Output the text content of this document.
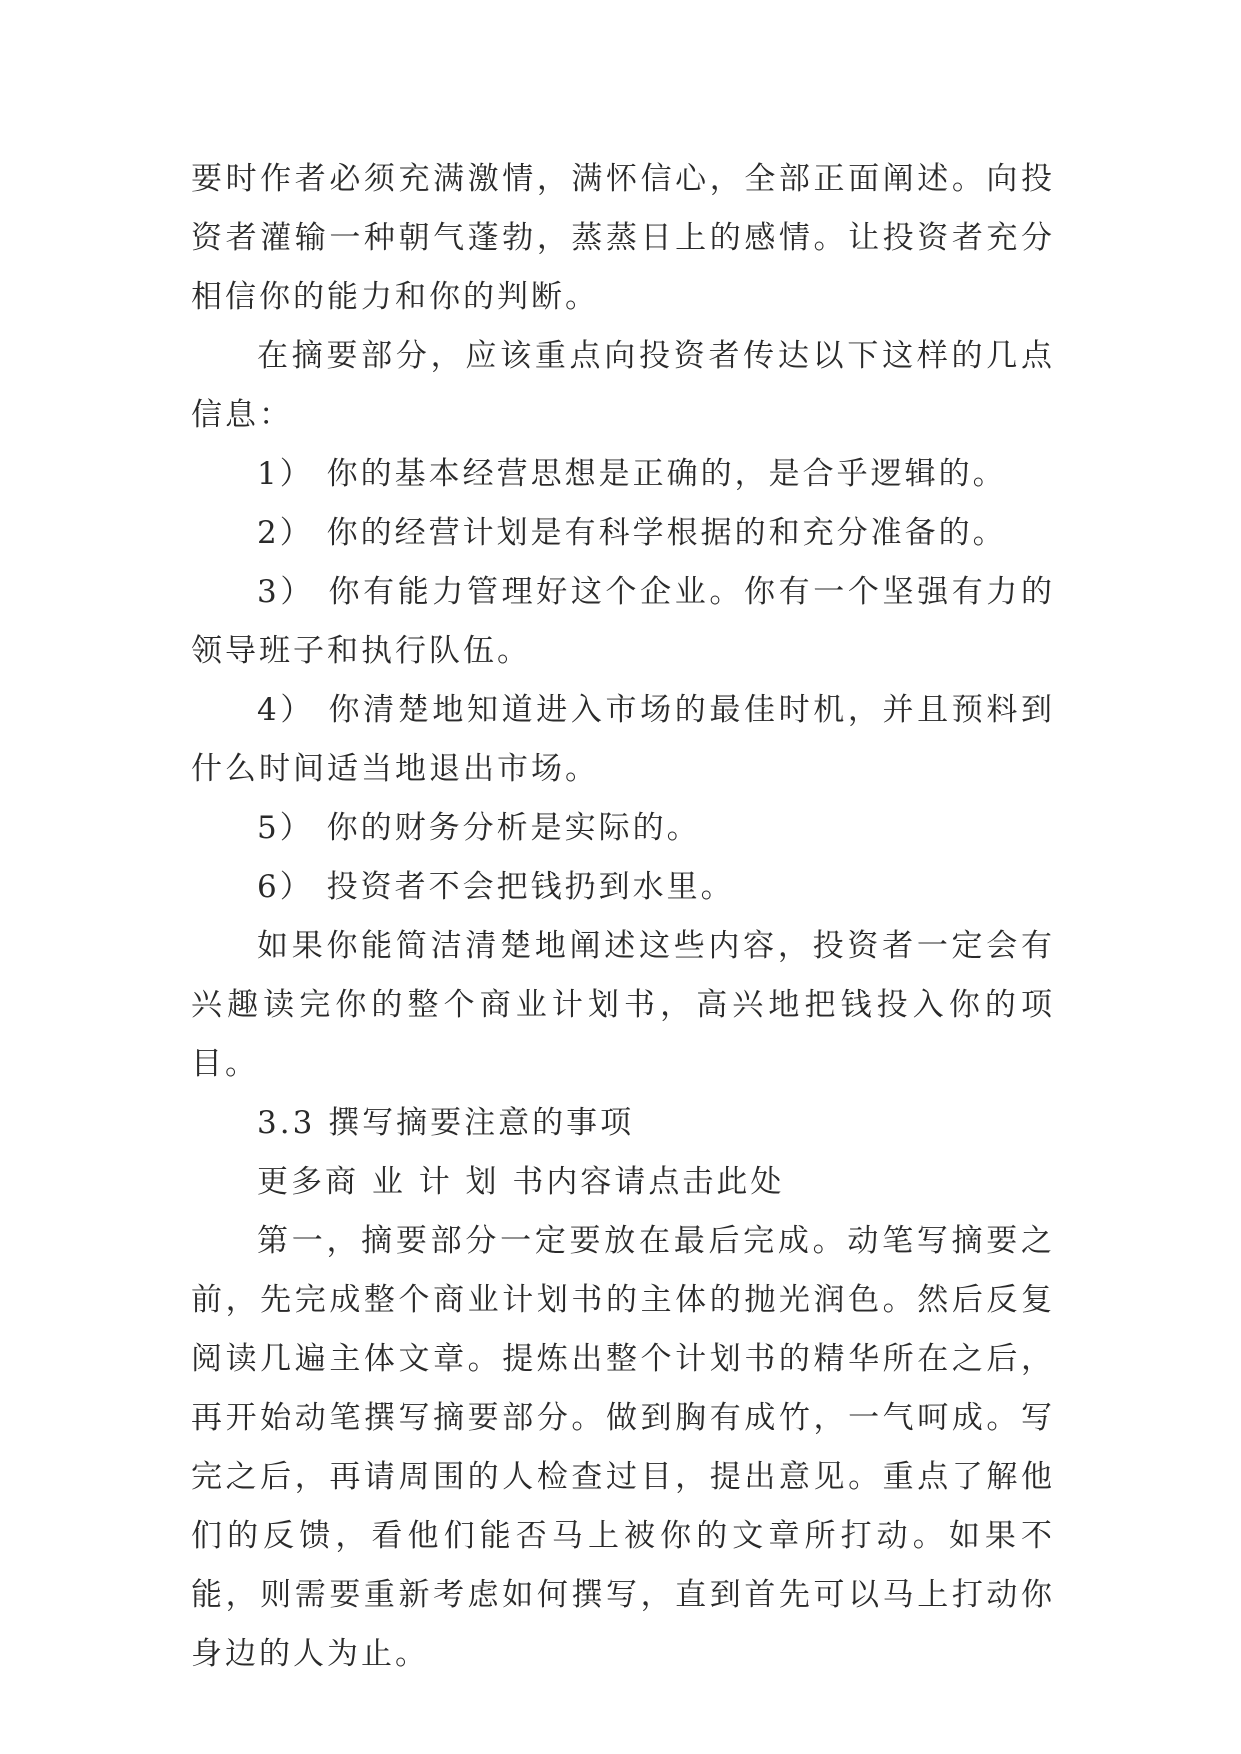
要时作者必须充满激情，满怀信心，全部正面阐述。向投资者灌输一种朝气蓬勃，蒸蒸日上的感情。让投资者充分相信你的能力和你的判断。

在摘要部分，应该重点向投资者传达以下这样的几点信息：

1） 你的基本经营思想是正确的，是合乎逻辑的。

2） 你的经营计划是有科学根据的和充分准备的。

3） 你有能力管理好这个企业。你有一个坚强有力的领导班子和执行队伍。

4） 你清楚地知道进入市场的最佳时机，并且预料到什么时间适当地退出市场。

5） 你的财务分析是实际的。

6） 投资者不会把钱扔到水里。

如果你能简洁清楚地阐述这些内容，投资者一定会有兴趣读完你的整个商业计划书，高兴地把钱投入你的项目。

3.3 撰写摘要注意的事项

更多商 业 计 划 书内容请点击此处

第一，摘要部分一定要放在最后完成。动笔写摘要之前，先完成整个商业计划书的主体的抛光润色。然后反复阅读几遍主体文章。提炼出整个计划书的精华所在之后，再开始动笔撰写摘要部分。做到胸有成竹，一气呵成。写完之后，再请周围的人检查过目，提出意见。重点了解他们的反馈，看他们能否马上被你的文章所打动。如果不能，则需要重新考虑如何撰写，直到首先可以马上打动你身边的人为止。
